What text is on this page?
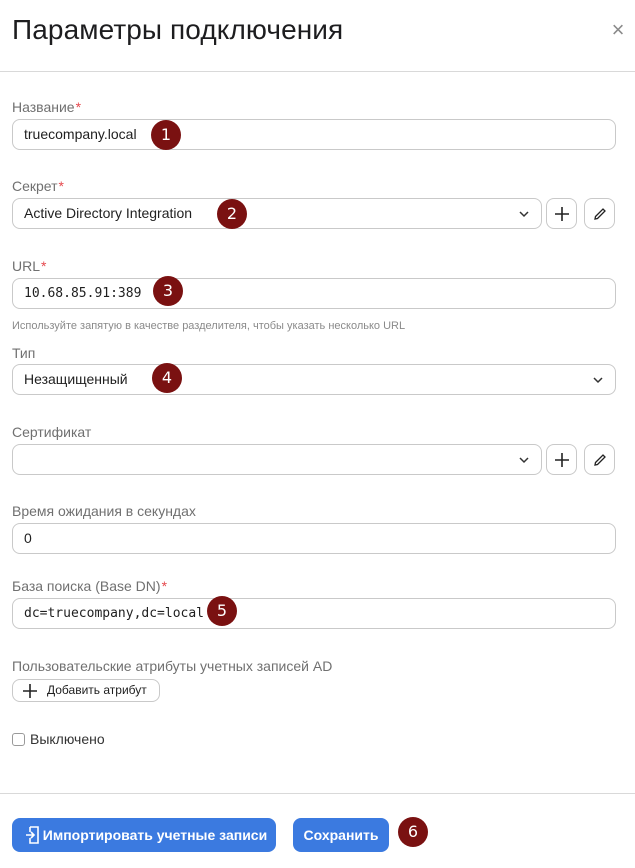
Параметры подключения	×
Название*
truecompany.local	1
Секрет*
Active Directory Integration	2
URL*
10.68.85.91:389	3
Используйте запятую в качестве разделителя, чтобы указать несколько URL
Тип
Незащищенный	4
Сертификат
Время ожидания в секундах
0
База поиска (Base DN)*
dc=truecompany,dc=local 5
Пользовательские атрибуты учетных записей AD
Добавить атрибут
Выключено
Импортировать учетные записи	Сохранить	6
